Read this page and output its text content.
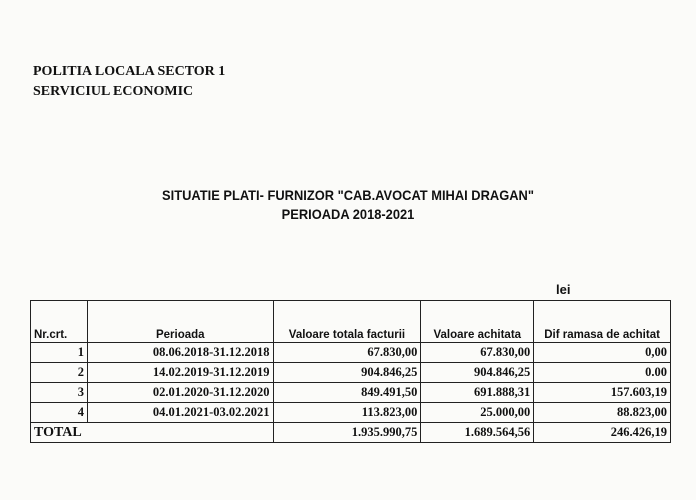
POLITIA LOCALA SECTOR 1
SERVICIUL ECONOMIC
SITUATIE PLATI- FURNIZOR "CAB.AVOCAT MIHAI DRAGAN"
PERIOADA 2018-2021
lei
Nr.crt.	Perioada	Valoare totala facturii	Valoare achitata	Dif ramasa de achitat
1	08.06.2018-31.12.2018	67.830,00	67.830,00	0,00
2	14.02.2019-31.12.2019	904.846,25	904.846,25	0.00
3	02.01.2020-31.12.2020	849.491,50	691.888,31	157.603,19
4	04.01.2021-03.02.2021	113.823,00	25.000,00	88.823,00
TOTAL		1.935.990,75	1.689.564,56	246.426,19
